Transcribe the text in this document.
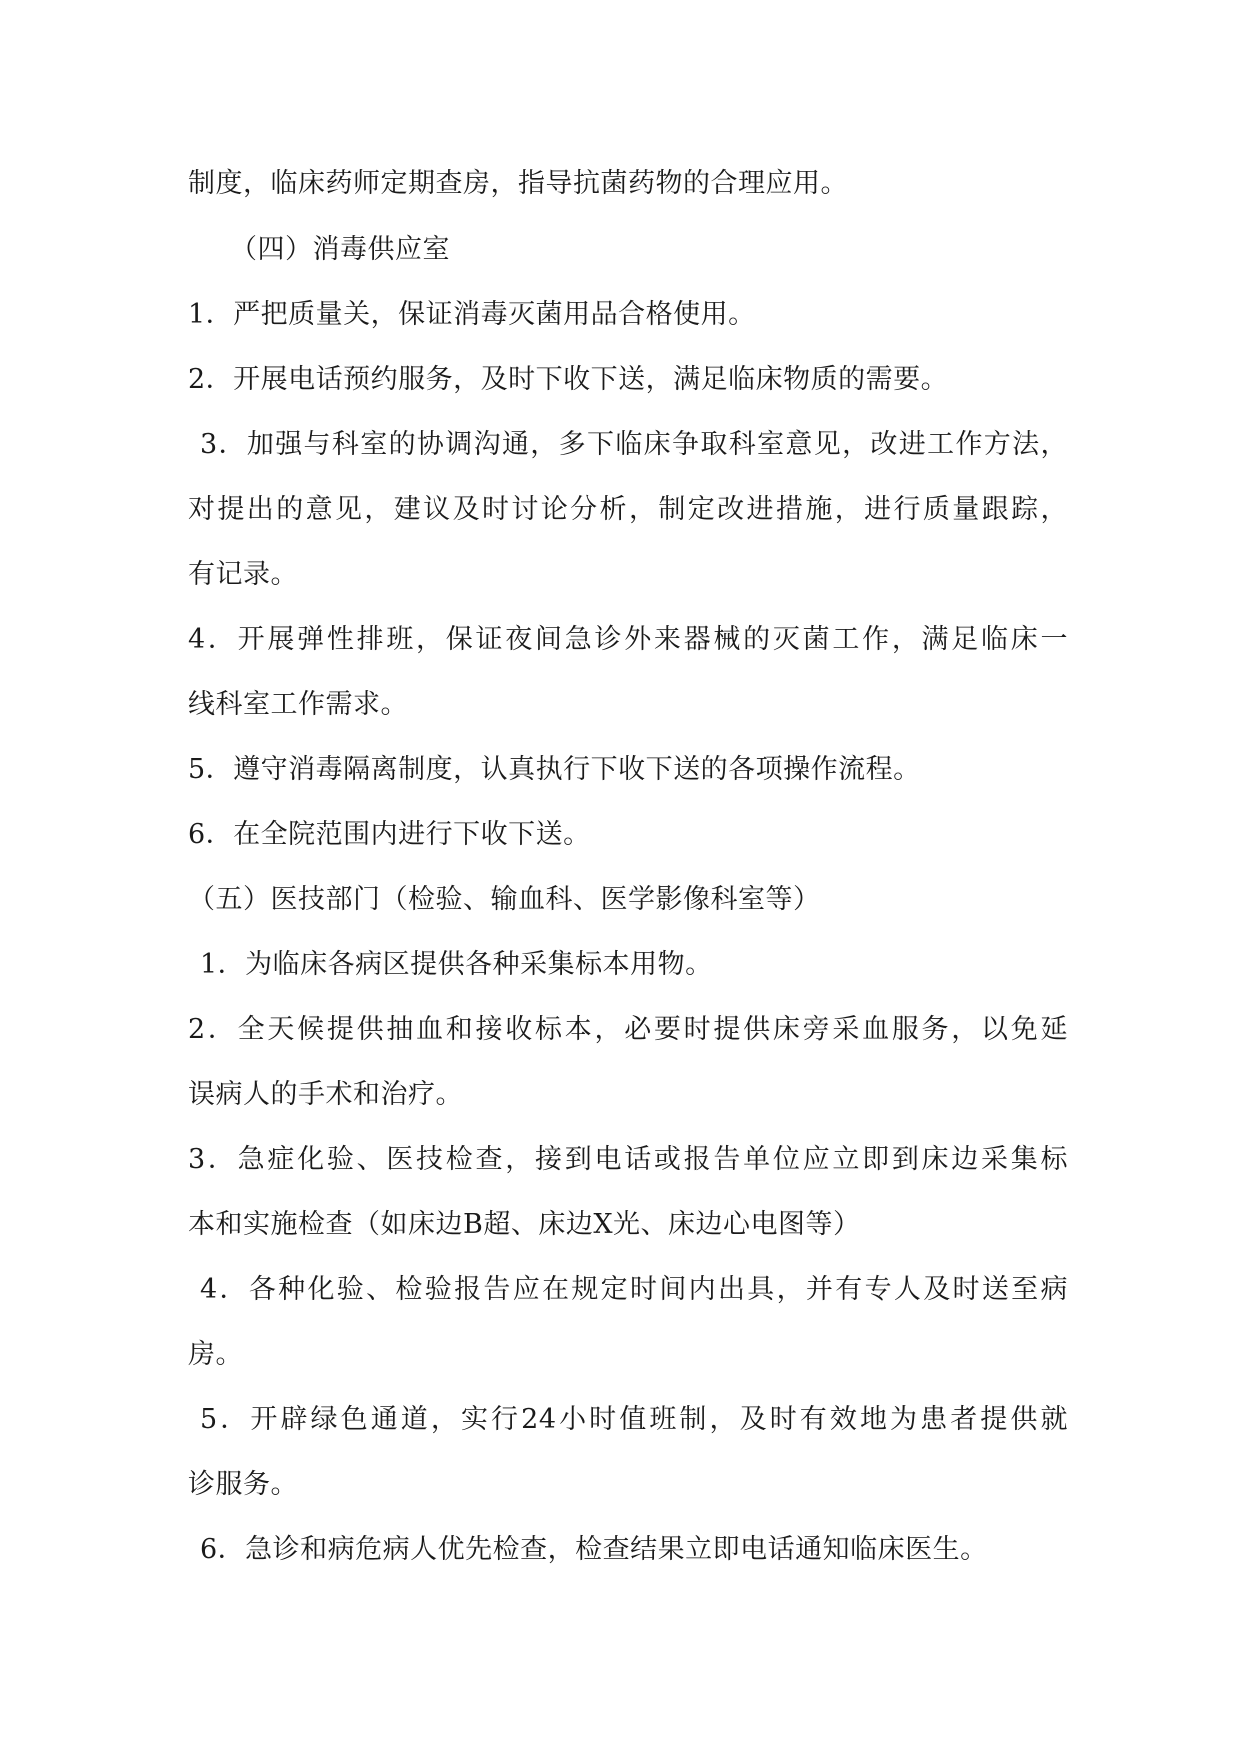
制度，临床药师定期查房，指导抗菌药物的合理应用。
（四）消毒供应室
1．严把质量关，保证消毒灭菌用品合格使用。
2．开展电话预约服务，及时下收下送，满足临床物质的需要。
3．加强与科室的协调沟通，多下临床争取科室意见，改进工作方法，
对提出的意见，建议及时讨论分析，制定改进措施，进行质量跟踪，
有记录。
4．开展弹性排班，保证夜间急诊外来器械的灭菌工作，满足临床一
线科室工作需求。
5．遵守消毒隔离制度，认真执行下收下送的各项操作流程。
6．在全院范围内进行下收下送。
（五）医技部门（检验、输血科、医学影像科室等）
1．为临床各病区提供各种采集标本用物。
2．全天候提供抽血和接收标本，必要时提供床旁采血服务，以免延
误病人的手术和治疗。
3．急症化验、医技检查，接到电话或报告单位应立即到床边采集标
本和实施检查（如床边B超、床边X光、床边心电图等）
4．各种化验、检验报告应在规定时间内出具，并有专人及时送至病
房。
5．开辟绿色通道，实行24小时值班制，及时有效地为患者提供就
诊服务。
6．急诊和病危病人优先检查，检查结果立即电话通知临床医生。
